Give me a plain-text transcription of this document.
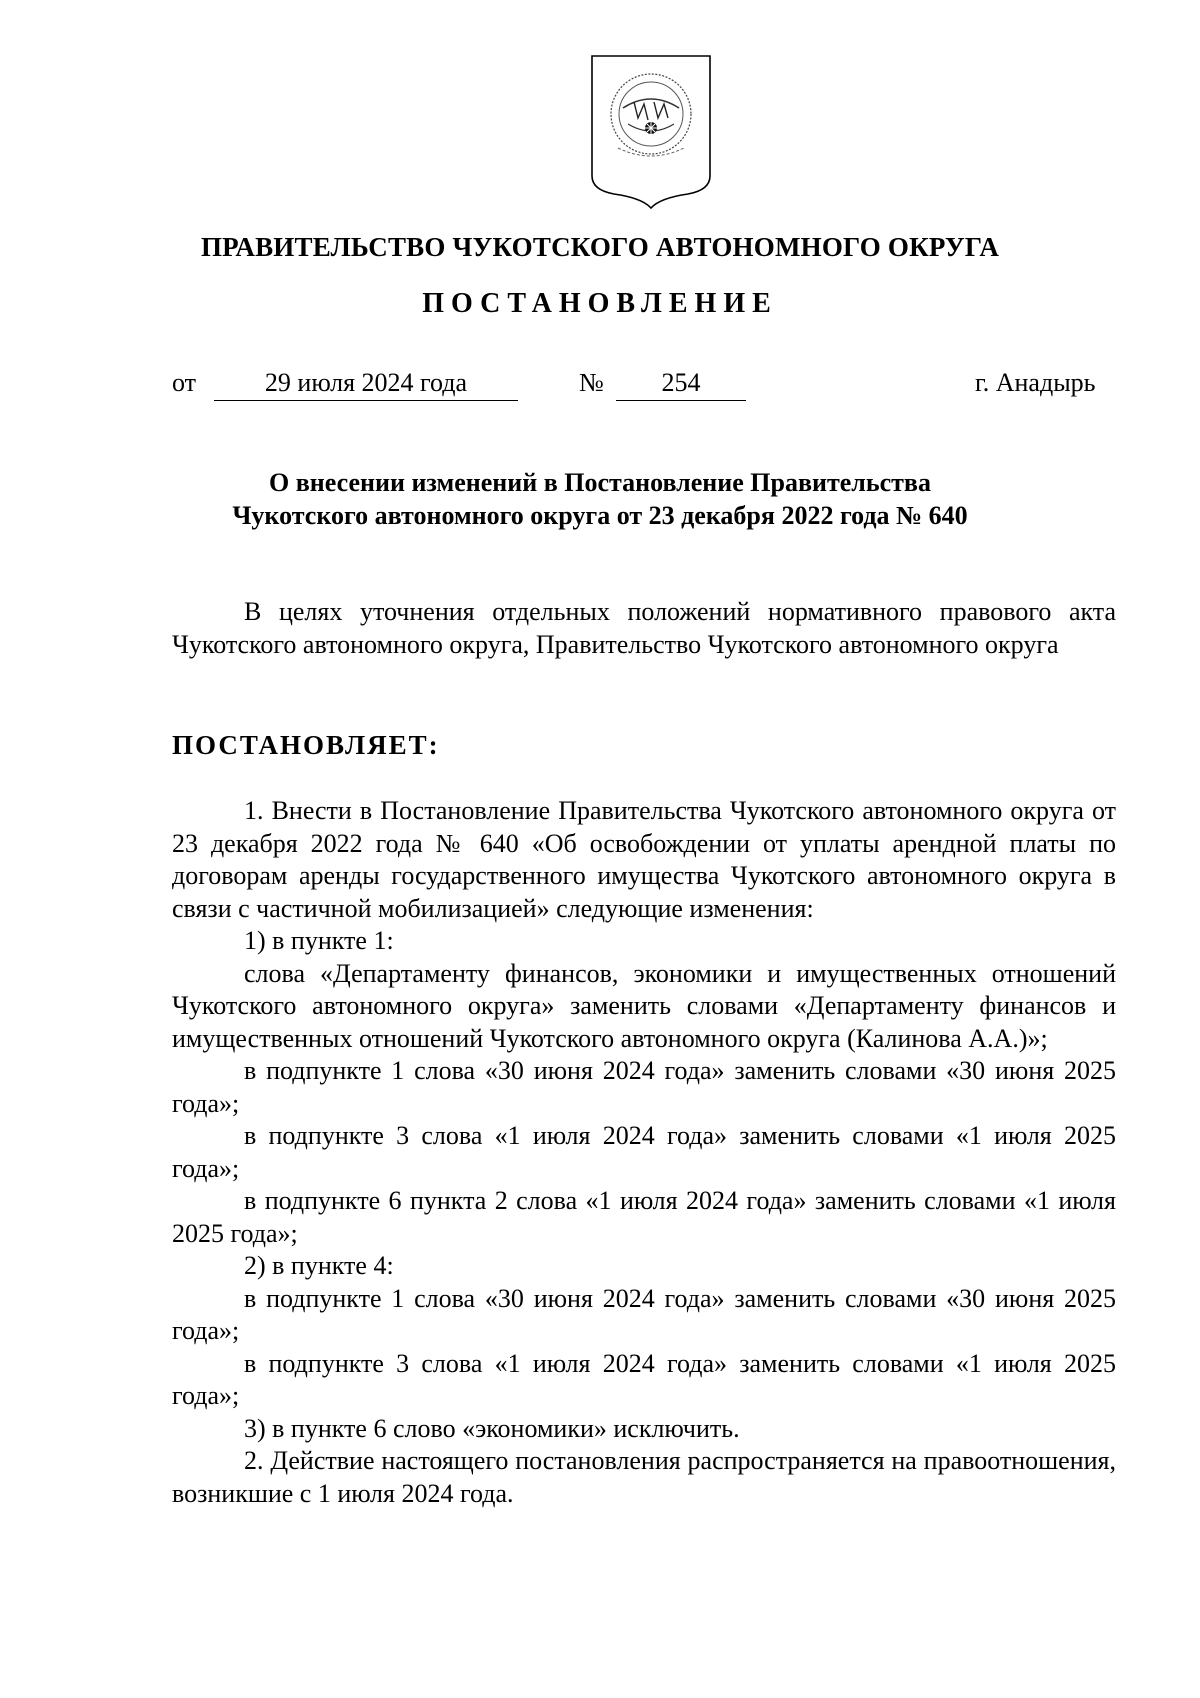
ПРАВИТЕЛЬСТВО ЧУКОТСКОГО АВТОНОМНОГО ОКРУГА
ПОСТАНОВЛЕНИЕ
от	29 июля 2024 года	№	254	г. Анадырь
О внесении изменений в Постановление Правительства
Чукотского автономного округа от 23 декабря 2022 года № 640

В целях уточнения отдельных положений нормативного правового акта Чукотского автономного округа, Правительство Чукотского автономного округа

ПОСТАНОВЛЯЕТ:

1. Внести в Постановление Правительства Чукотского автономного округа от 23 декабря 2022 года № 640 «Об освобождении от уплаты арендной платы по договорам аренды государственного имущества Чукотского автономного округа в связи с частичной мобилизацией» следующие изменения:

1) в пункте 1:

слова «Департаменту финансов, экономики и имущественных отношений Чукотского автономного округа» заменить словами «Департаменту финансов и имущественных отношений Чукотского автономного округа (Калинова А.А.)»;

в подпункте 1 слова «30 июня 2024 года» заменить словами «30 июня 2025 года»;

в подпункте 3 слова «1 июля 2024 года» заменить словами «1 июля 2025 года»;

в подпункте 6 пункта 2 слова «1 июля 2024 года» заменить словами «1 июля 2025 года»;

2) в пункте 4:

в подпункте 1 слова «30 июня 2024 года» заменить словами «30 июня 2025 года»;

в подпункте 3 слова «1 июля 2024 года» заменить словами «1 июля 2025 года»;

3) в пункте 6 слово «экономики» исключить.

2. Действие настоящего постановления распространяется на правоотношения, возникшие с 1 июля 2024 года.
